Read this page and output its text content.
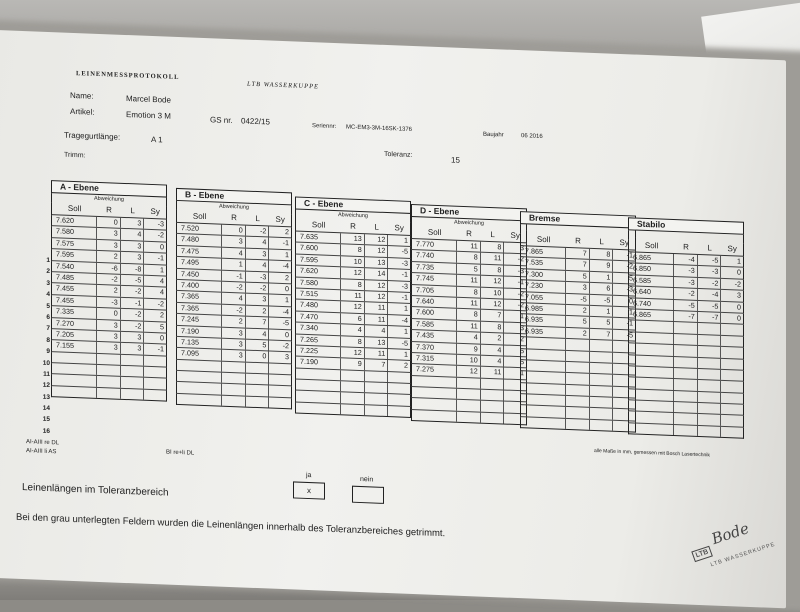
LEINENMESSPROTOKOLL
LTB WASSERKUPPE
Name:	Marcel Bode
Artikel:	Emotion 3 M	GS nr. 0422/15
Seriennr: MC-EM3-3M-16SK-1376
Baujahr	06 2016
Tragegurtlänge:	A 1
Toleranz:
15
Trimm:
1
2
3
4
5
6
7
8
9
10
11
12
13
14
15
16
A - Ebene
Abweichung
Soll	R	L	Sy
7.620	0	3	-3
7.580	3	4	-2
7.575	3	3	0
7.595	2	3	-1
7.540	-6	-8	1
7.485	-2	-5	4
7.455	2	-2	4
7.455	-3	-1	-2
7.335	0	-2	2
7.270	3	-2	5
7.205	3	3	0
7.155	3	3	-1
B - Ebene
Abweichung
Soll	R	L	Sy
7.520	0	-2	2
7.480	3	4	-1
7.475	4	3	1
7.495	1	4	-4
7.450	-1	-3	2
7.400	-2	-2	0
7.365	4	3	1
7.365	-2	2	-4
7.245	2	7	-5
7.190	3	4	0
7.135	3	5	-2
7.095	3	0	3
C - Ebene
Abweichung
Soll	R	L	Sy
7.635	13	12	1
7.600	8	12	-5
7.595	10	13	-3
7.620	12	14	-1
7.580	8	12	-3
7.515	11	12	-1
7.480	12	11	1
7.470	6	11	-4
7.340	4	4	1
7.265	8	13	-5
7.225	12	11	1
7.190	9	7	2
D - Ebene
Abweichung
Soll	R	L	Sy
7.770	11	8	3
7.740	8	11	-2
7.735	5	8	-3
7.745	11	12	-1
7.705	8	10	-2
7.640	11	12	-2
7.600	8	7	1
7.585	11	8	3
7.435	4	2	2
7.370	9	4	5
7.315	10	4	5
7.275	12	11	1
Bremse
Soll	R	L	Sy
7.865	7	8	-1
7.535	7	9	-2
7.300	5	1	5
7.230	3	6	-3
7.055	-5	-5	0
6.985	2	1	1
6.935	5	5	-1
6.935	2	7	-5
Stabilo
Soll	R	L	Sy
6.865	-4	-5	1
6.850	-3	-3	0
6.585	-3	-2	-2
6.640	-2	-4	3
6.740	-5	-5	0
6.865	-7	-7	0
alle Maße in mm, gemessen mit Bosch Lasertechnik
AI-AIII re DL
AI-AIII li AS	BI re+li DL
ja
nein
x
Leinenlängen im Toleranzbereich
Bei den grau unterlegten Feldern wurden die Leinenlängen innerhalb des Toleranzbereiches getrimmt.	Bode
LTB LTB WASSERKUPPE
